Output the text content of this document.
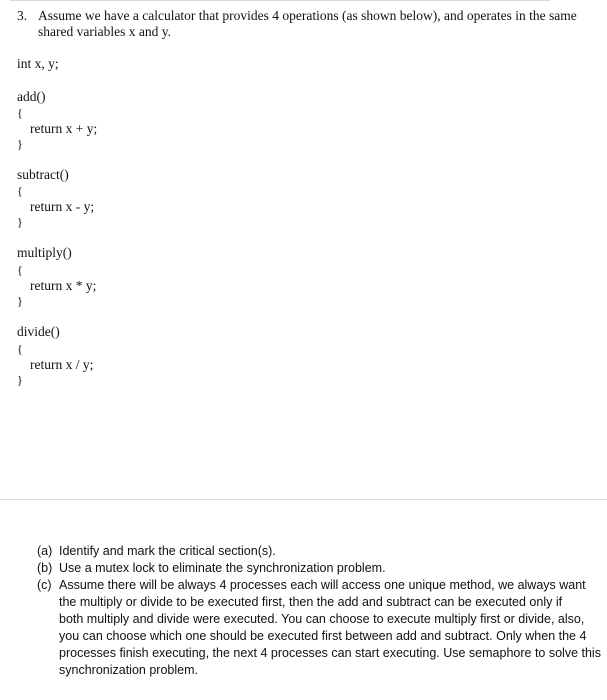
3. Assume we have a calculator that provides 4 operations (as shown below), and operates in the same
shared variables x and y.
int x, y;
add()
{
return x + y;
}
subtract()
{
return x - y;
}
multiply()
{
return x * y;
}
divide()
{
return x / y;
}
(a) Identify and mark the critical section(s).
(b) Use a mutex lock to eliminate the synchronization problem.
(c) Assume there will be always 4 processes each will access one unique method, we always want
the multiply or divide to be executed first, then the add and subtract can be executed only if
both multiply and divide were executed. You can choose to execute multiply first or divide, also,
you can choose which one should be executed first between add and subtract. Only when the 4
processes finish executing, the next 4 processes can start executing. Use semaphore to solve this
synchronization problem.
